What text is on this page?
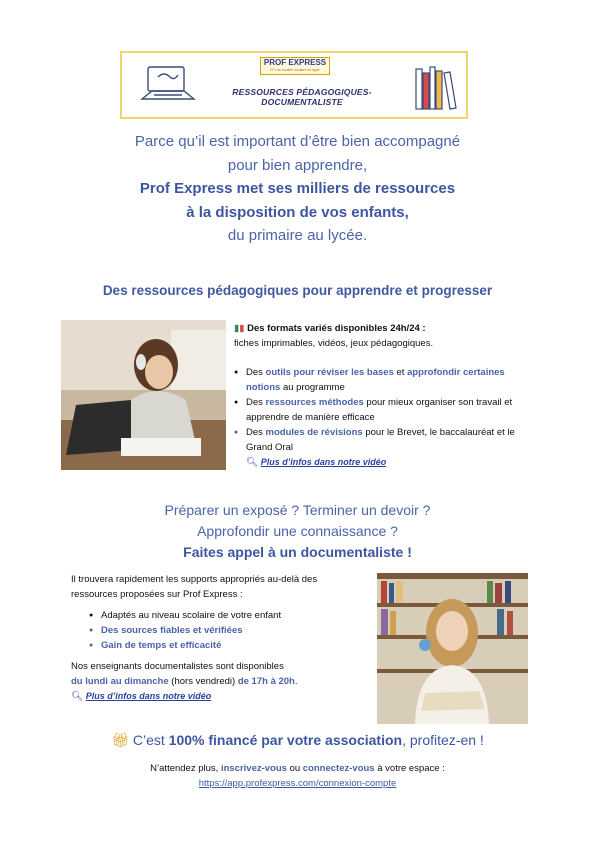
PROF EXPRESS
N°1 du soutien scolaire en ligne
RESSOURCES PÉDAGOGIQUES- DOCUMENTALISTE
Parce qu’il est important d’être bien accompagné
pour bien apprendre,
Prof Express met ses milliers de ressources
à la disposition de vos enfants,
du primaire au lycée.
Des ressources pédagogiques pour apprendre et progresser
▮▮ Des formats variés disponibles 24h/24 :
fiches imprimables, vidéos, jeux pédagogiques.
● Des outils pour réviser les bases et approfondir certaines notions au programme
● Des ressources méthodes pour mieux organiser son travail et apprendre de manière efficace
● Des modules de révisions pour le Brevet, le baccalauréat et le Grand Oral
🔍︎ Plus d’infos dans notre vidéo
Préparer un exposé ? Terminer un devoir ?
Approfondir une connaissance ?
Faites appel à un documentaliste !
Il trouvera rapidement les supports appropriés au-delà des ressources proposées sur Prof Express :
● Adaptés au niveau scolaire de votre enfant
● Des sources fiables et vérifiées
● Gain de temps et efficacité
Nos enseignants documentalistes sont disponibles
du lundi au dimanche (hors vendredi) de 17h à 20h.
🔍︎ Plus d’infos dans notre vidéo
🎁︎ C’est 100% financé par votre association, profitez-en !
N’attendez plus, inscrivez-vous ou connectez-vous à votre espace :
https://app.profexpress.com/connexion-compte
